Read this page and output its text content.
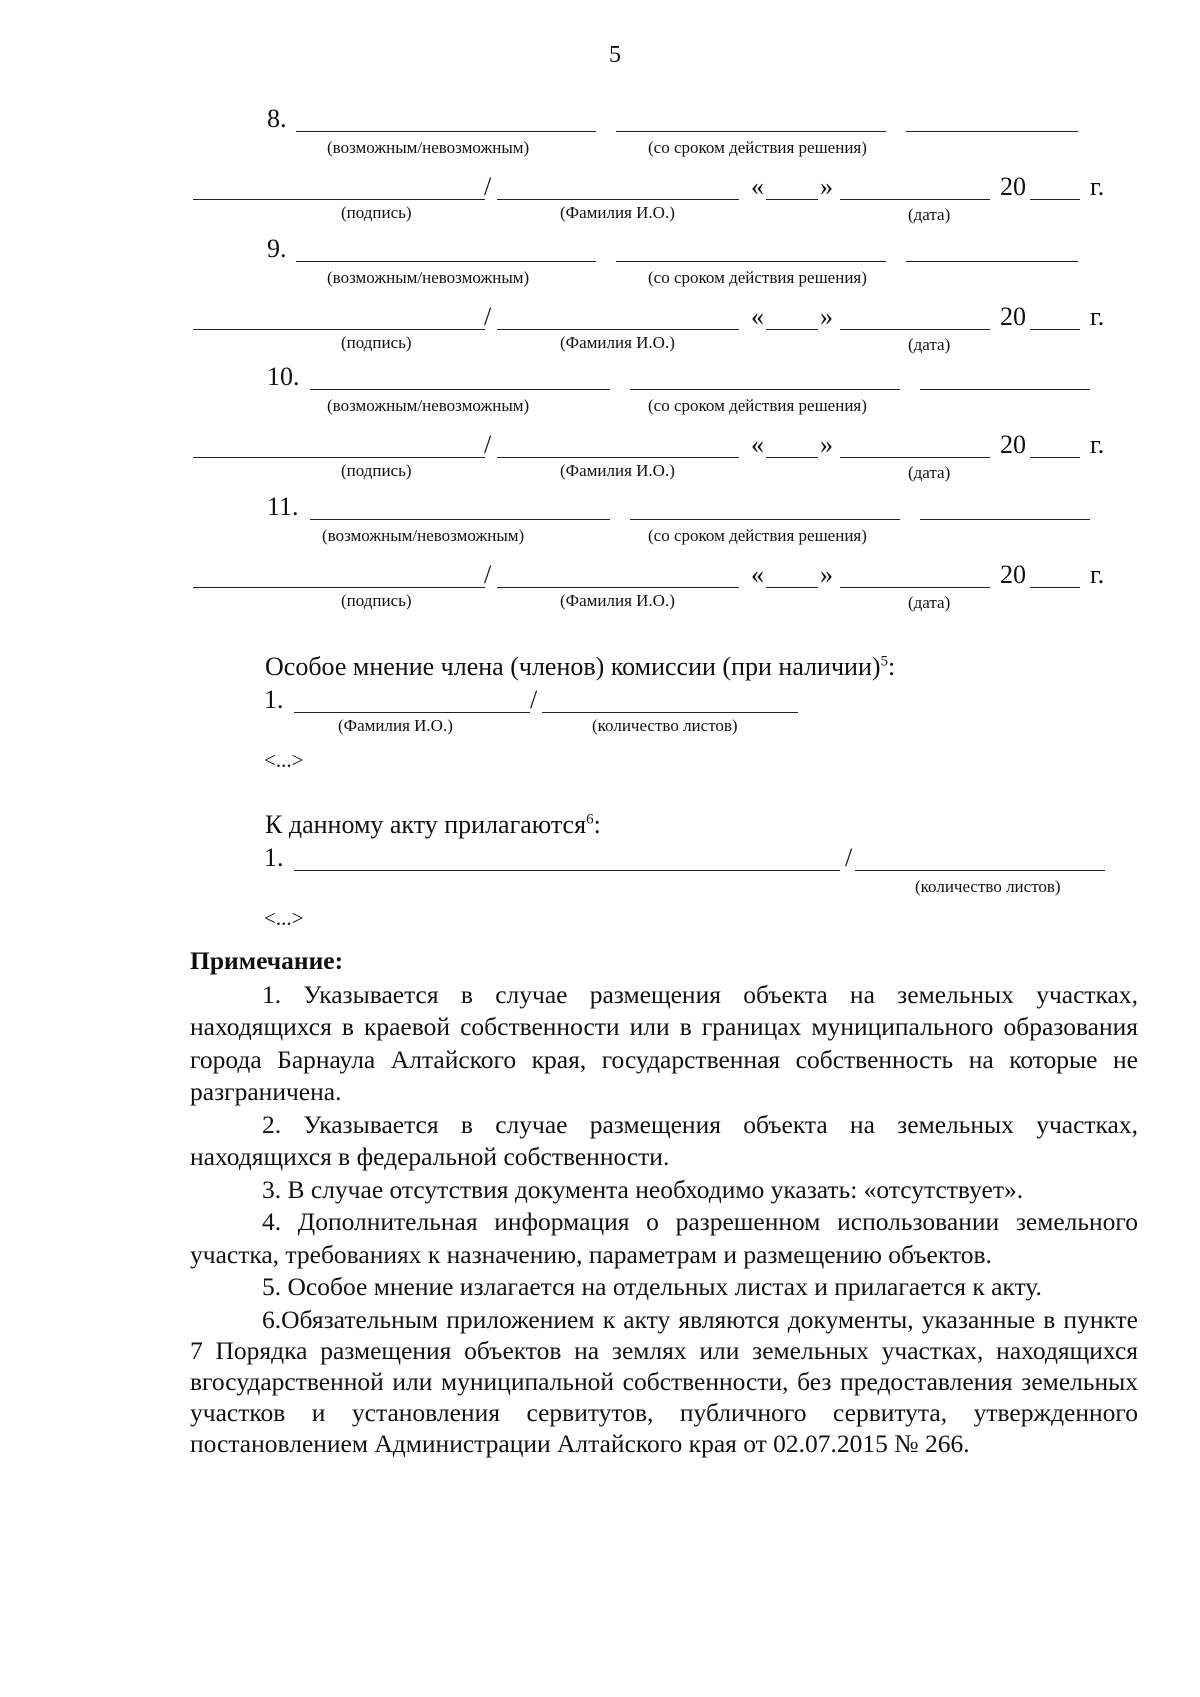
5
8.
(возможным/невозможным)	(со сроком действия решения)
/	« »	20 г.
(подпись)	(Фамилия И.О.)	(дата)
9.
(возможным/невозможным)	(со сроком действия решения)
/	« »	20 г.
(подпись)	(Фамилия И.О.)	(дата)
10.
(возможным/невозможным)	(со сроком действия решения)
/	« »	20 г.
(подпись)	(Фамилия И.О.)	(дата)
11.
(возможным/невозможным)	(со сроком действия решения)
/	« »	20 г.
(подпись)	(Фамилия И.О.)	(дата)
Особое мнение члена (членов) комиссии (при наличии)$^5$:
1.	/
(Фамилия И.О.)	(количество листов)
<...>
К данному акту прилагаются$^6$:
1.	/
(количество листов)
<...>
Примечание:

1. Указывается в случае размещения объекта на земельных участках, находящихся в краевой собственности или в границах муниципального образования города Барнаула Алтайского края, государственная собственность на которые не разграничена.

2. Указывается в случае размещения объекта на земельных участках, находящихся в федеральной собственности.

3. В случае отсутствия документа необходимо указать: «отсутствует».

4. Дополнительная информация о разрешенном использовании земельного участка, требованиях к назначению, параметрам и размещению объектов.

5. Особое мнение излагается на отдельных листах и прилагается к акту.

6.Обязательным приложением к акту являются документы, указанные в пункте 7 Порядка размещения объектов на землях или земельных участках, находящихся вгосударственной или муниципальной собственности, без предоставления земельных участков и установления сервитутов, публичного сервитута, утвержденного постановлением Администрации Алтайского края от 02.07.2015 № 266.
